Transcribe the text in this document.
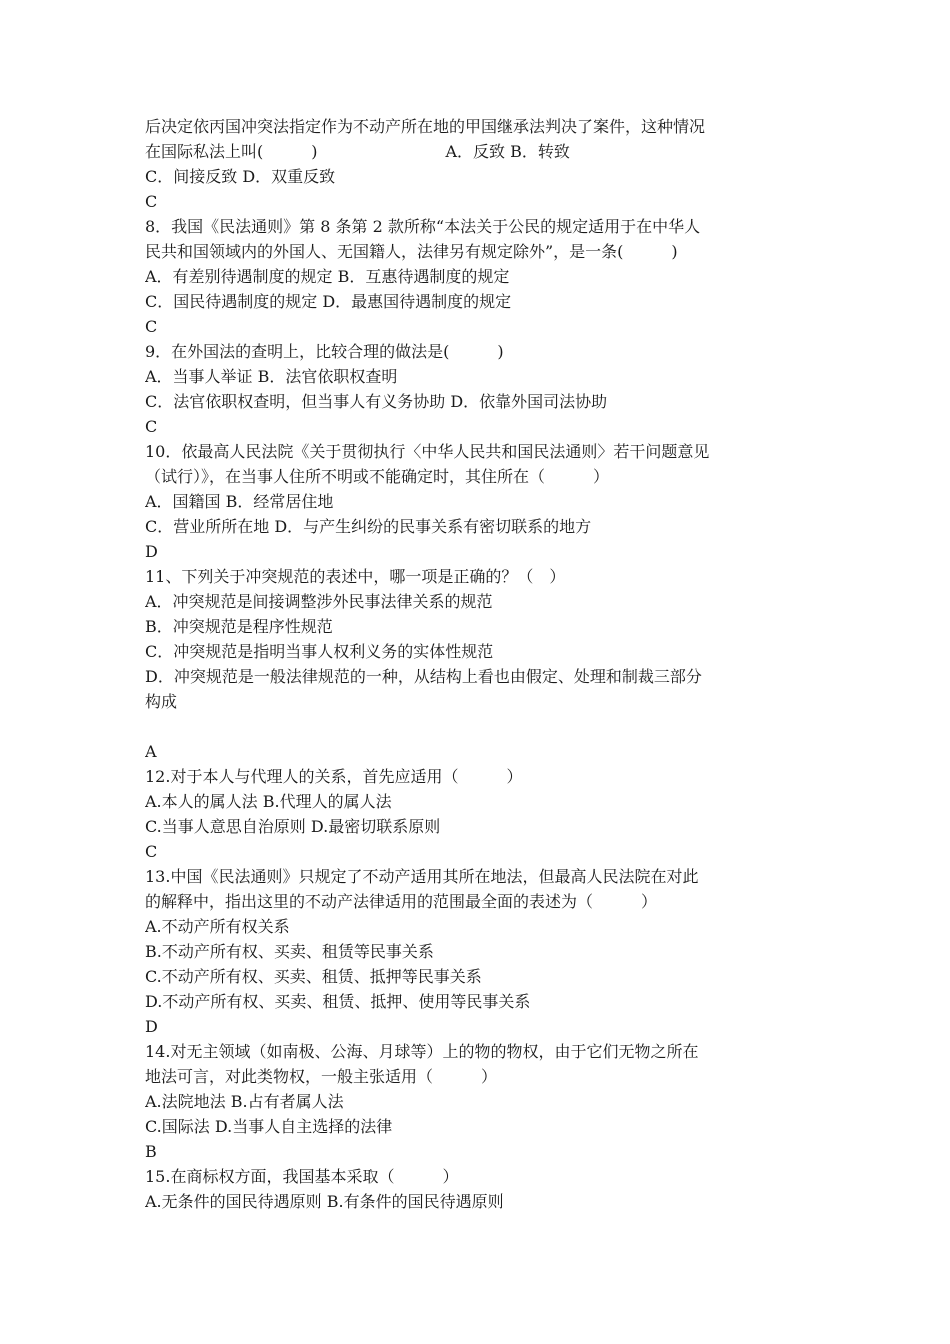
后决定依丙国冲突法指定作为不动产所在地的甲国继承法判决了案件，这种情况
在国际私法上叫(　　　)　　　　　　　　A．反致 B．转致
C．间接反致 D．双重反致
C
8．我国《民法通则》第 8 条第 2 款所称“本法关于公民的规定适用于在中华人
民共和国领域内的外国人、无国籍人，法律另有规定除外”，是一条(　　　)
A．有差别待遇制度的规定 B．互惠待遇制度的规定
C．国民待遇制度的规定 D．最惠国待遇制度的规定
C
9．在外国法的查明上，比较合理的做法是(　　　)
A．当事人举证 B．法官依职权查明
C．法官依职权查明，但当事人有义务协助 D．依靠外国司法协助
C
10．依最高人民法院《关于贯彻执行〈中华人民共和国民法通则〉若干问题意见
（试行）》，在当事人住所不明或不能确定时，其住所在（　　　）
A．国籍国 B．经常居住地
C．营业所所在地 D．与产生纠纷的民事关系有密切联系的地方
D
11、下列关于冲突规范的表述中，哪一项是正确的？（　）
A．冲突规范是间接调整涉外民事法律关系的规范
B．冲突规范是程序性规范
C．冲突规范是指明当事人权利义务的实体性规范
D．冲突规范是一般法律规范的一种，从结构上看也由假定、处理和制裁三部分
构成
A
12.对于本人与代理人的关系，首先应适用（　　　）
A.本人的属人法 B.代理人的属人法
C.当事人意思自治原则 D.最密切联系原则
C
13.中国《民法通则》只规定了不动产适用其所在地法，但最高人民法院在对此
的解释中，指出这里的不动产法律适用的范围最全面的表述为（　　　）
A.不动产所有权关系
B.不动产所有权、买卖、租赁等民事关系
C.不动产所有权、买卖、租赁、抵押等民事关系
D.不动产所有权、买卖、租赁、抵押、使用等民事关系
D
14.对无主领域（如南极、公海、月球等）上的物的物权，由于它们无物之所在
地法可言，对此类物权，一般主张适用（　　　）
A.法院地法 B.占有者属人法
C.国际法 D.当事人自主选择的法律
B
15.在商标权方面，我国基本采取（　　　）
A.无条件的国民待遇原则 B.有条件的国民待遇原则
